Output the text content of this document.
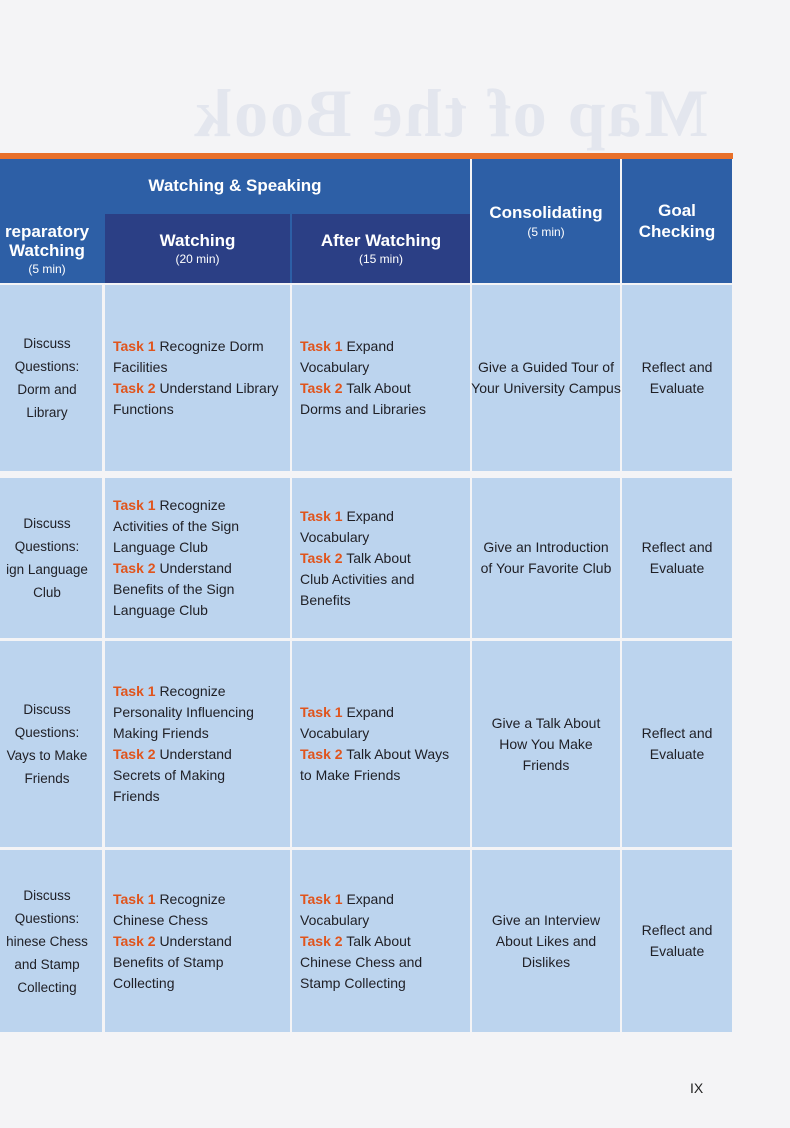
Map of the Book
Watching & Speaking
reparatory
Watching
(5 min)
Watching
(20 min)
After Watching
(15 min)
Consolidating
(5 min)
Goal
Checking
Discuss
Questions:
Dorm and
Library
Task 1 Recognize Dorm
Facilities
Task 2 Understand Library
Functions
Task 1 Expand
Vocabulary
Task 2 Talk About
Dorms and Libraries
Give a Guided Tour of
Your University Campus
Reflect and
Evaluate
Discuss
Questions:
ign Language
Club
Task 1 Recognize
Activities of the Sign
Language Club
Task 2 Understand
Benefits of the Sign
Language Club
Task 1 Expand
Vocabulary
Task 2 Talk About
Club Activities and
Benefits
Give an Introduction
of Your Favorite Club
Reflect and
Evaluate
Discuss
Questions:
Vays to Make
Friends
Task 1 Recognize
Personality Influencing
Making Friends
Task 2 Understand
Secrets of Making
Friends
Task 1 Expand
Vocabulary
Task 2 Talk About Ways
to Make Friends
Give a Talk About
How You Make
Friends
Reflect and
Evaluate
Discuss
Questions:
hinese Chess
and Stamp
Collecting
Task 1 Recognize
Chinese Chess
Task 2 Understand
Benefits of Stamp
Collecting
Task 1 Expand
Vocabulary
Task 2 Talk About
Chinese Chess and
Stamp Collecting
Give an Interview
About Likes and
Dislikes
Reflect and
Evaluate
IX
